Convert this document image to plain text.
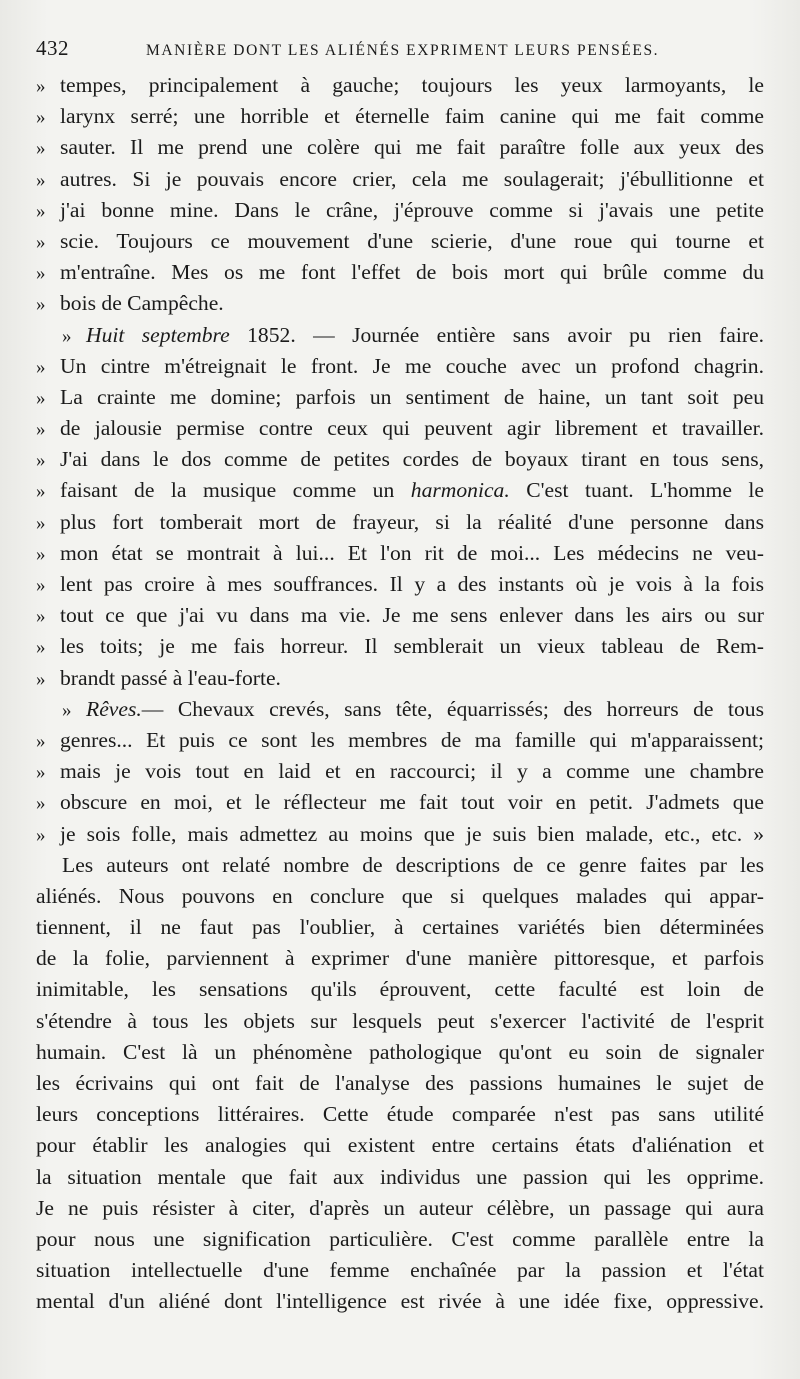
432	MANIÈRE DONT LES ALIÉNÉS EXPRIMENT LEURS PENSÉES.
» tempes, principalement à gauche; toujours les yeux larmoyants, le
» larynx serré; une horrible et éternelle faim canine qui me fait comme
» sauter. Il me prend une colère qui me fait paraître folle aux yeux des
» autres. Si je pouvais encore crier, cela me soulagerait; j'ébullitionne et
» j'ai bonne mine. Dans le crâne, j'éprouve comme si j'avais une petite
» scie. Toujours ce mouvement d'une scierie, d'une roue qui tourne et
» m'entraîne. Mes os me font l'effet de bois mort qui brûle comme du
» bois de Campêche.
» Huit septembre 1852. — Journée entière sans avoir pu rien faire.
» Un cintre m'étreignait le front. Je me couche avec un profond chagrin.
» La crainte me domine; parfois un sentiment de haine, un tant soit peu
» de jalousie permise contre ceux qui peuvent agir librement et travailler.
» J'ai dans le dos comme de petites cordes de boyaux tirant en tous sens,
» faisant de la musique comme un harmonica. C'est tuant. L'homme le
» plus fort tomberait mort de frayeur, si la réalité d'une personne dans
» mon état se montrait à lui... Et l'on rit de moi... Les médecins ne veu-
» lent pas croire à mes souffrances. Il y a des instants où je vois à la fois
» tout ce que j'ai vu dans ma vie. Je me sens enlever dans les airs ou sur
» les toits; je me fais horreur. Il semblerait un vieux tableau de Rem-
» brandt passé à l'eau-forte.
» Rêves.— Chevaux crevés, sans tête, équarrissés; des horreurs de tous
» genres... Et puis ce sont les membres de ma famille qui m'apparaissent;
» mais je vois tout en laid et en raccourci; il y a comme une chambre
» obscure en moi, et le réflecteur me fait tout voir en petit. J'admets que
» je sois folle, mais admettez au moins que je suis bien malade, etc., etc. »
Les auteurs ont relaté nombre de descriptions de ce genre faites par les
aliénés. Nous pouvons en conclure que si quelques malades qui appar-
tiennent, il ne faut pas l'oublier, à certaines variétés bien déterminées
de la folie, parviennent à exprimer d'une manière pittoresque, et parfois
inimitable, les sensations qu'ils éprouvent, cette faculté est loin de
s'étendre à tous les objets sur lesquels peut s'exercer l'activité de l'esprit
humain. C'est là un phénomène pathologique qu'ont eu soin de signaler
les écrivains qui ont fait de l'analyse des passions humaines le sujet de
leurs conceptions littéraires. Cette étude comparée n'est pas sans utilité
pour établir les analogies qui existent entre certains états d'aliénation et
la situation mentale que fait aux individus une passion qui les opprime.
Je ne puis résister à citer, d'après un auteur célèbre, un passage qui aura
pour nous une signification particulière. C'est comme parallèle entre la
situation intellectuelle d'une femme enchaînée par la passion et l'état
mental d'un aliéné dont l'intelligence est rivée à une idée fixe, oppressive.
